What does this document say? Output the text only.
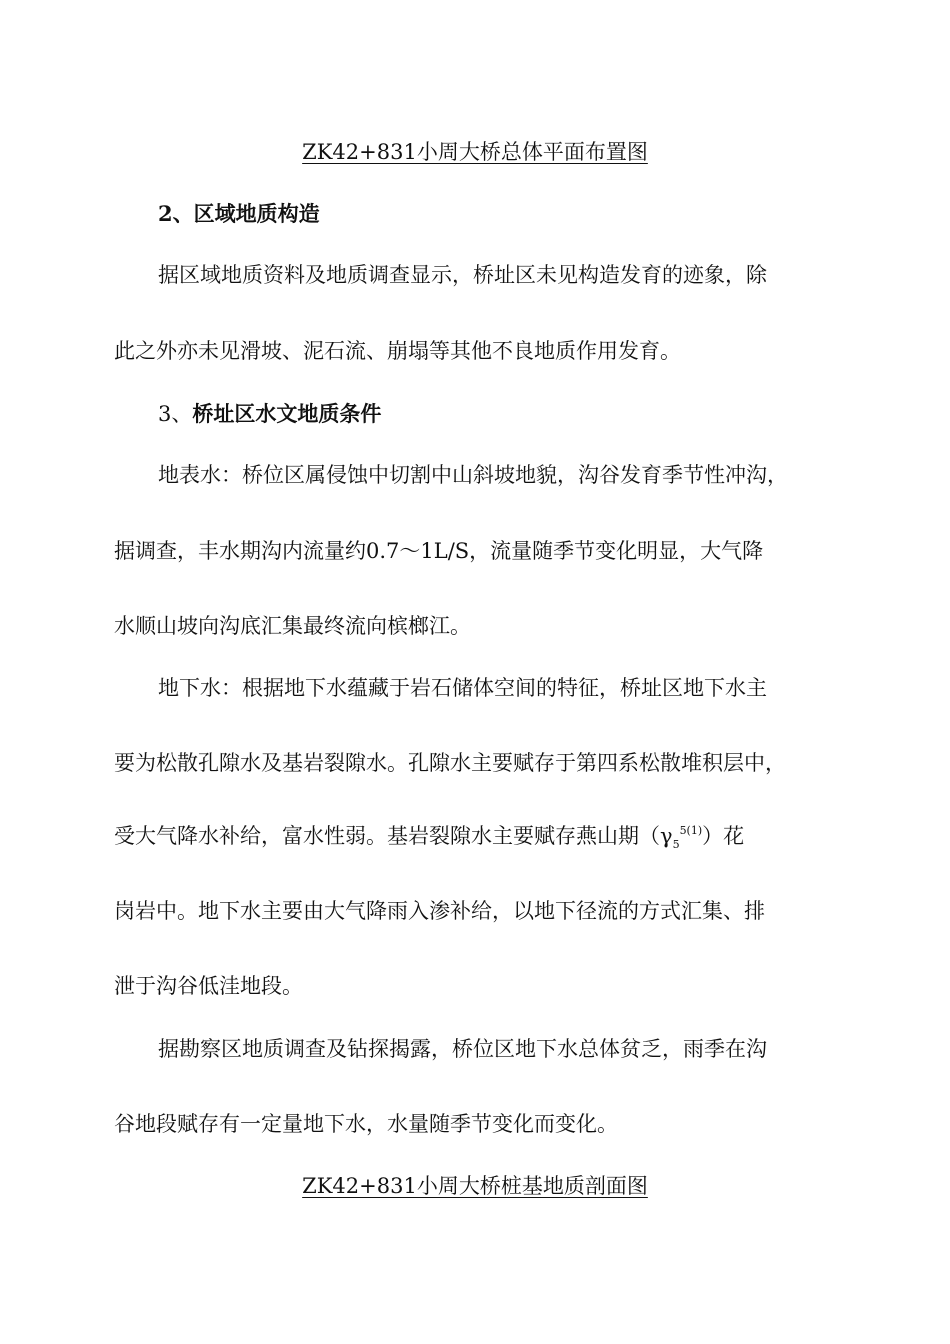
ZK42+831小周大桥总体平面布置图
2、区域地质构造
据区域地质资料及地质调查显示，桥址区未见构造发育的迹象，除
此之外亦未见滑坡、泥石流、崩塌等其他不良地质作用发育。
3、桥址区水文地质条件
地表水：桥位区属侵蚀中切割中山斜坡地貌，沟谷发育季节性冲沟，
据调查，丰水期沟内流量约0.7～1L/S，流量随季节变化明显，大气降
水顺山坡向沟底汇集最终流向槟榔江。
地下水：根据地下水蕴藏于岩石储体空间的特征，桥址区地下水主
要为松散孔隙水及基岩裂隙水。孔隙水主要赋存于第四系松散堆积层中，
受大气降水补给，富水性弱。基岩裂隙水主要赋存燕山期$(\gamma_5^{5(1)})$花
岗岩中。地下水主要由大气降雨入渗补给，以地下径流的方式汇集、排
泄于沟谷低洼地段。
据勘察区地质调查及钻探揭露，桥位区地下水总体贫乏，雨季在沟
谷地段赋存有一定量地下水，水量随季节变化而变化。
ZK42+831小周大桥桩基地质剖面图
